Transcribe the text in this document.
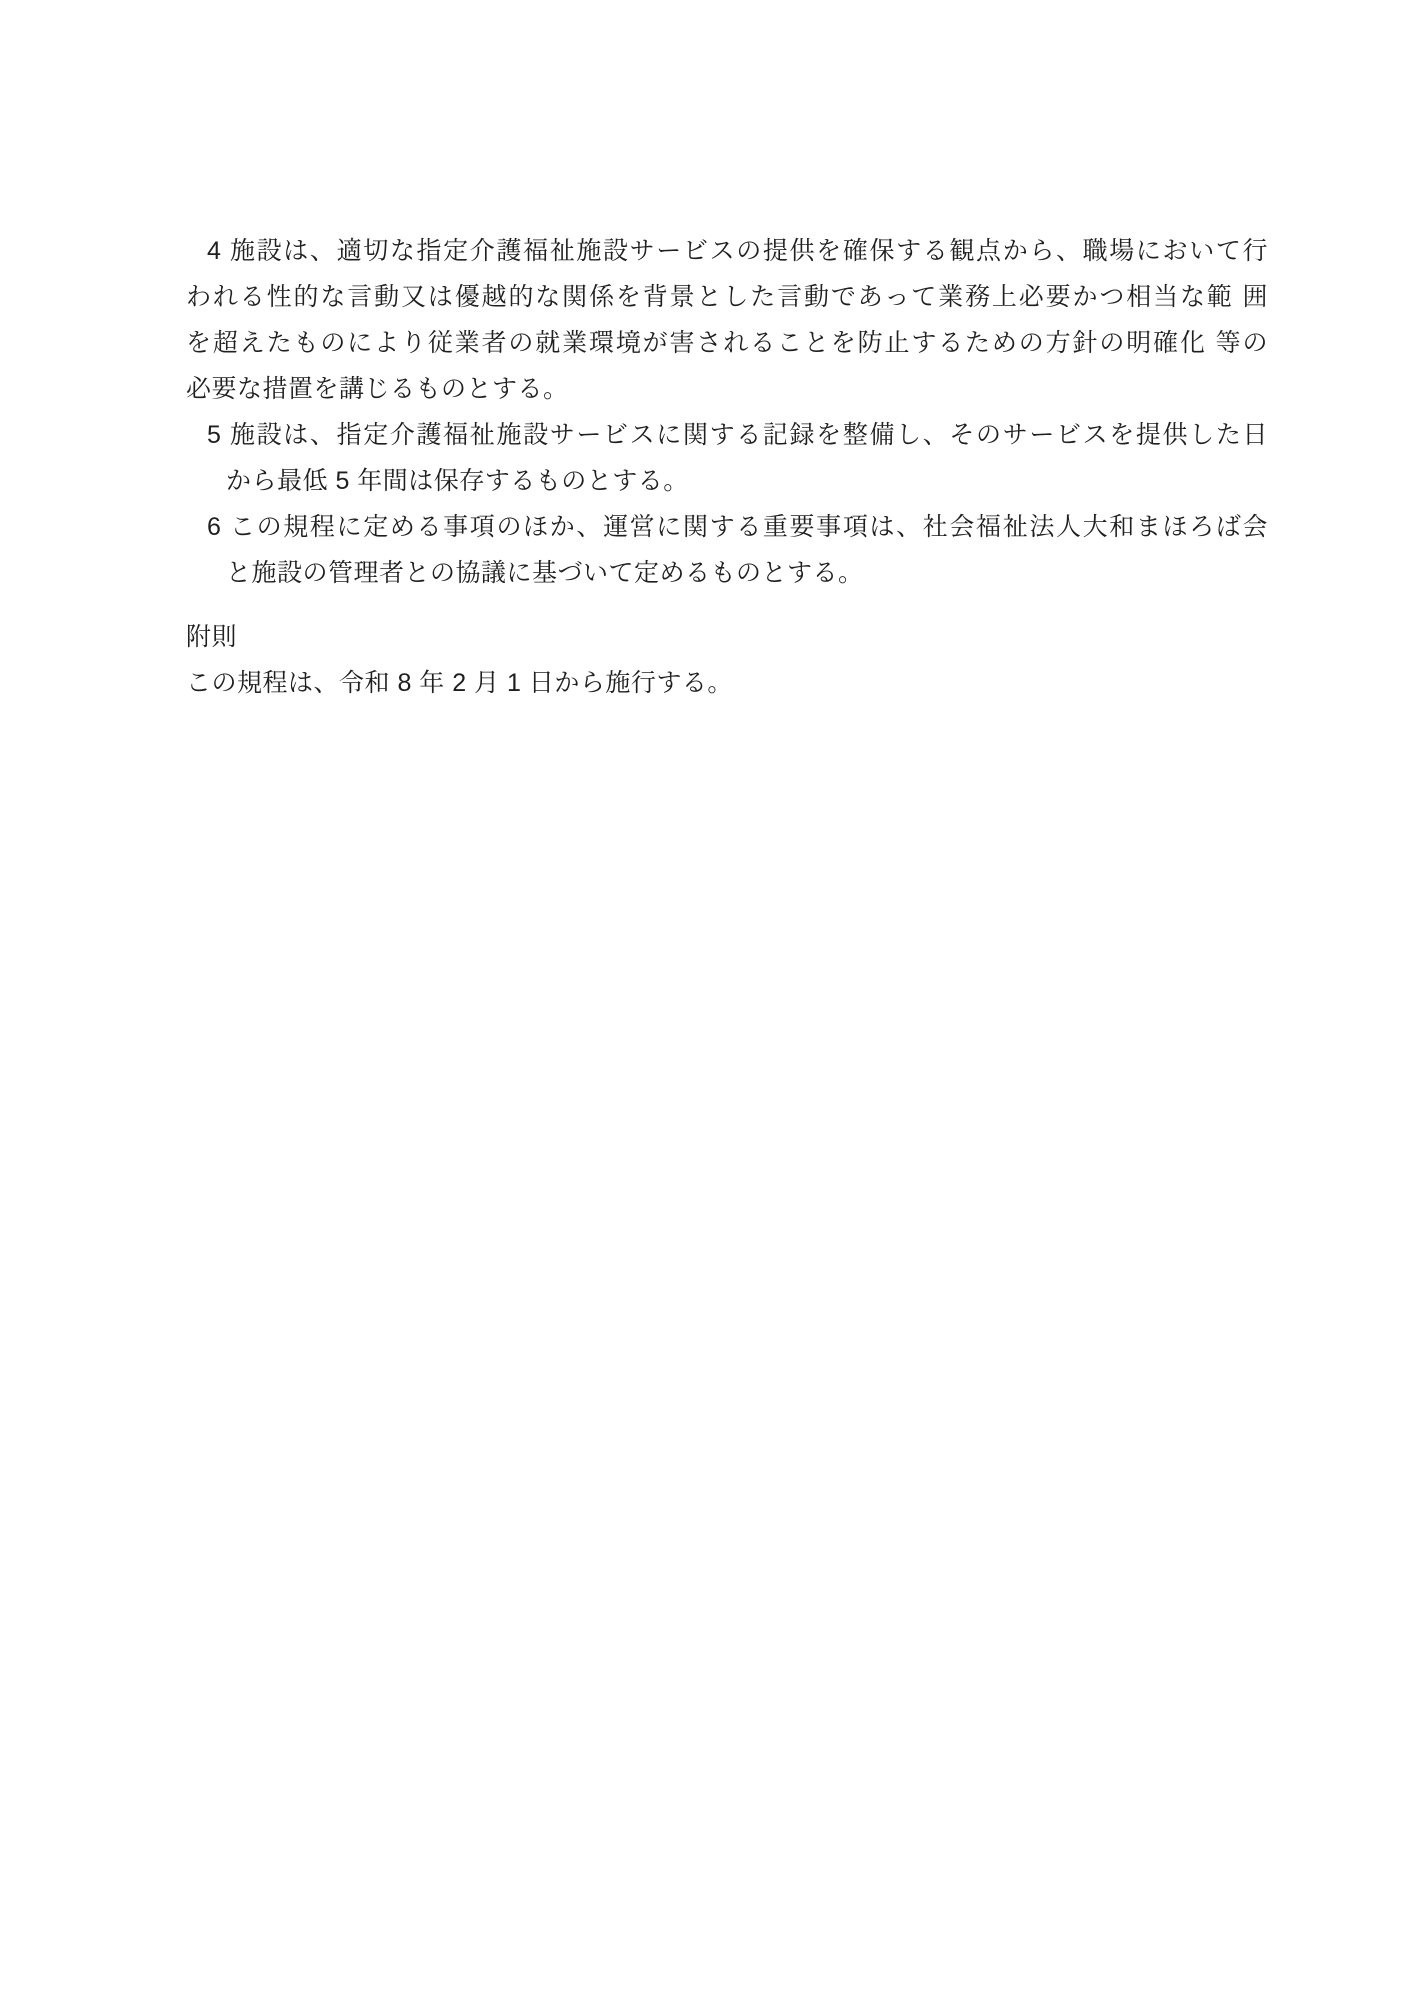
4 施設は、適切な指定介護福祉施設サービスの提供を確保する観点から、職場において行

われる性的な言動又は優越的な関係を背景とした言動であって業務上必要かつ相当な範 囲

を超えたものにより従業者の就業環境が害されることを防止するための方針の明確化 等の

必要な措置を講じるものとする。

5 施設は、指定介護福祉施設サービスに関する記録を整備し、そのサービスを提供した日

から最低 5 年間は保存するものとする。

6 この規程に定める事項のほか、運営に関する重要事項は、社会福祉法人大和まほろば会

と施設の管理者との協議に基づいて定めるものとする。

附則

この規程は、令和 8 年 2 月 1 日から施行する。
